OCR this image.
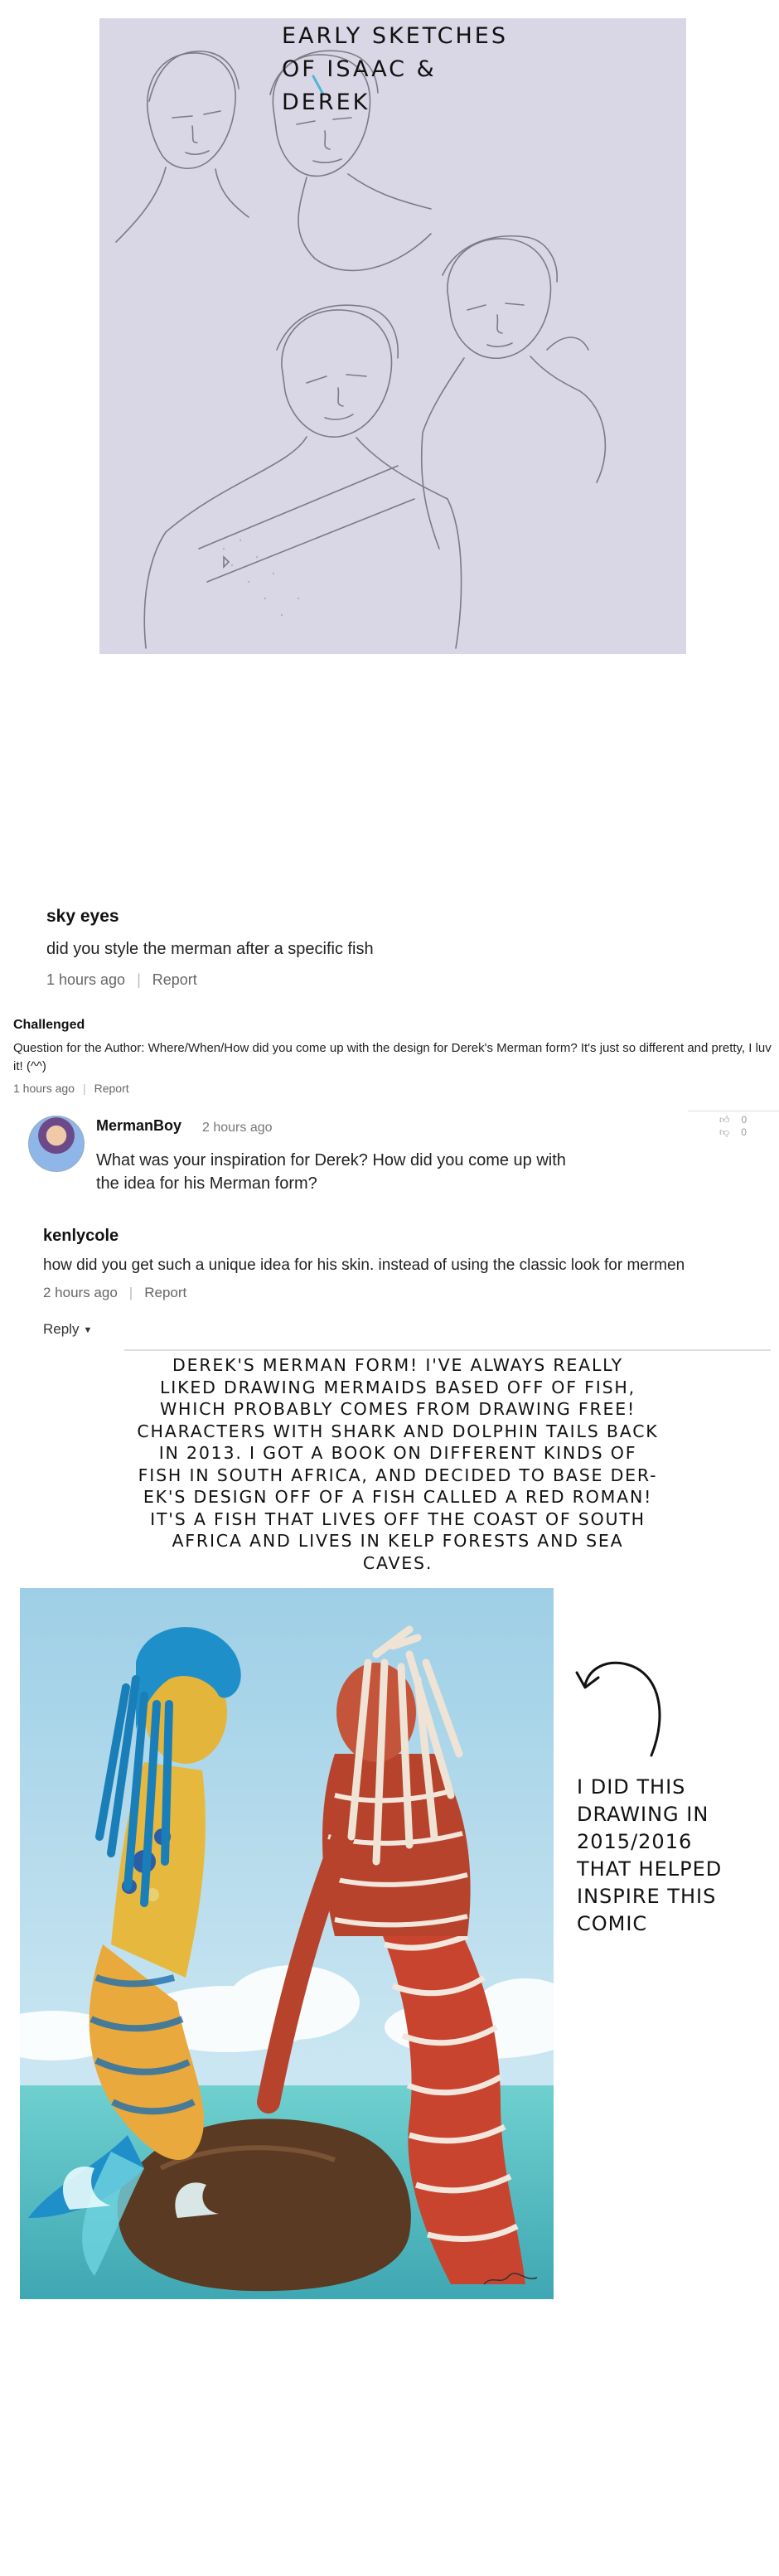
EARLY SKETCHES
OF ISAAC &
DEREK
sky eyes
did you style the merman after a specific fish
1 hours ago | Report
Challenged
Question for the Author: Where/When/How did you come up with the design for Derek's Merman form? It's just so different and pretty, I luv it! (^^)
1 hours ago | Report
MermanBoy 2 hours ago
What was your inspiration for Derek? How did you come up with the idea for his Merman form?
👍︎ 0 👎︎ 0
kenlycole
how did you get such a unique idea for his skin. instead of using the classic look for mermen
2 hours ago | Report
Reply ▼
DEREK'S MERMAN FORM! I'VE ALWAYS REALLY
LIKED DRAWING MERMAIDS BASED OFF OF FISH,
WHICH PROBABLY COMES FROM DRAWING FREE!
CHARACTERS WITH SHARK AND DOLPHIN TAILS BACK
IN 2013. I GOT A BOOK ON DIFFERENT KINDS OF
FISH IN SOUTH AFRICA, AND DECIDED TO BASE DER-
EK'S DESIGN OFF OF A FISH CALLED A RED ROMAN!
IT'S A FISH THAT LIVES OFF THE COAST OF SOUTH
AFRICA AND LIVES IN KELP FORESTS AND SEA
CAVES.
I DID THIS
DRAWING IN
2015/2016
THAT HELPED
INSPIRE THIS
COMIC
